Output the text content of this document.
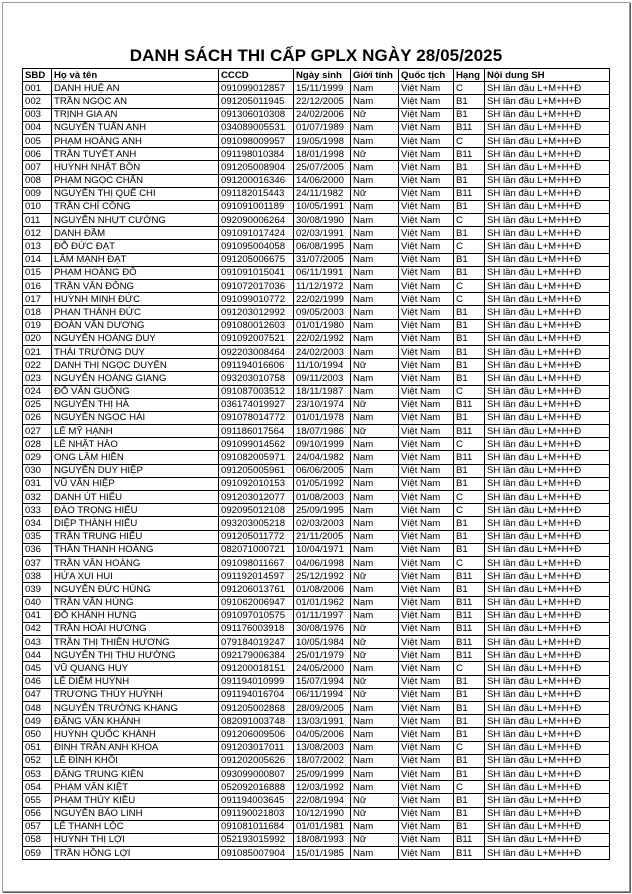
DANH SÁCH THI CẤP GPLX NGÀY 28/05/2025
SBD	Họ và tên	CCCD	Ngày sinh	Giới tính	Quốc tịch	Hạng	Nội dung SH
001	DANH HUỆ AN	091099012857	15/11/1999	Nam	Việt Nam	C	SH lần đầu L+M+H+Đ
002	TRẦN NGỌC AN	091205011945	22/12/2005	Nam	Việt Nam	B1	SH lần đầu L+M+H+Đ
003	TRỊNH GIA AN	091306010308	24/02/2006	Nữ	Việt Nam	B1	SH lần đầu L+M+H+Đ
004	NGUYỄN TUẤN ANH	034089005531	01/07/1989	Nam	Việt Nam	B11	SH lần đầu L+M+H+Đ
005	PHẠM HOÀNG ANH	091098009957	19/05/1998	Nam	Việt Nam	C	SH lần đầu L+M+H+Đ
006	TRẦN TUYẾT ANH	091198010384	18/01/1998	Nữ	Việt Nam	B11	SH lần đầu L+M+H+Đ
007	HUỲNH NHẬT BỒN	091205008904	25/07/2005	Nam	Việt Nam	B1	SH lần đầu L+M+H+Đ
008	PHẠM NGỌC CHẤN	091200016346	14/06/2000	Nam	Việt Nam	B1	SH lần đầu L+M+H+Đ
009	NGUYỄN THỊ QUẾ CHI	091182015443	24/11/1982	Nữ	Việt Nam	B11	SH lần đầu L+M+H+Đ
010	TRẦN CHÍ CÔNG	091091001189	10/05/1991	Nam	Việt Nam	B1	SH lần đầu L+M+H+Đ
011	NGUYỄN NHỰT CƯỜNG	092090006264	30/08/1990	Nam	Việt Nam	C	SH lần đầu L+M+H+Đ
012	DANH ĐẦM	091091017424	02/03/1991	Nam	Việt Nam	B1	SH lần đầu L+M+H+Đ
013	ĐỖ ĐỨC ĐẠT	091095004058	06/08/1995	Nam	Việt Nam	C	SH lần đầu L+M+H+Đ
014	LÂM MẠNH ĐẠT	091205006675	31/07/2005	Nam	Việt Nam	B1	SH lần đầu L+M+H+Đ
015	PHẠM HOÀNG ĐÔ	091091015041	06/11/1991	Nam	Việt Nam	B1	SH lần đầu L+M+H+Đ
016	TRẦN VĂN ĐÔNG	091072017036	11/12/1972	Nam	Việt Nam	C	SH lần đầu L+M+H+Đ
017	HUỲNH MINH ĐỨC	091099010772	22/02/1999	Nam	Việt Nam	C	SH lần đầu L+M+H+Đ
018	PHAN THÀNH ĐỨC	091203012992	09/05/2003	Nam	Việt Nam	B1	SH lần đầu L+M+H+Đ
019	ĐOÀN VĂN DƯƠNG	091080012603	01/01/1980	Nam	Việt Nam	B1	SH lần đầu L+M+H+Đ
020	NGUYỄN HOÀNG DUY	091092007521	22/02/1992	Nam	Việt Nam	B1	SH lần đầu L+M+H+Đ
021	THÁI TRƯỜNG DUY	092203008464	24/02/2003	Nam	Việt Nam	B1	SH lần đầu L+M+H+Đ
022	DANH THỊ NGỌC DUYÊN	091194016606	11/10/1994	Nữ	Việt Nam	B1	SH lần đầu L+M+H+Đ
023	NGUYỄN HOÀNG GIANG	093203010758	09/11/2003	Nam	Việt Nam	B1	SH lần đầu L+M+H+Đ
024	ĐỖ VĂN GUỒNG	091087003512	18/11/1987	Nam	Việt Nam	C	SH lần đầu L+M+H+Đ
025	NGUYỄN THỊ HÀ	036174019927	23/10/1974	Nữ	Việt Nam	B11	SH lần đầu L+M+H+Đ
026	NGUYỄN NGỌC HẢI	091078014772	01/01/1978	Nam	Việt Nam	B1	SH lần đầu L+M+H+Đ
027	LÊ MỸ HẠNH	091186017564	18/07/1986	Nữ	Việt Nam	B11	SH lần đầu L+M+H+Đ
028	LÊ NHẬT HÀO	091099014562	09/10/1999	Nam	Việt Nam	C	SH lần đầu L+M+H+Đ
029	ONG LÂM HIỀN	091082005971	24/04/1982	Nam	Việt Nam	B11	SH lần đầu L+M+H+Đ
030	NGUYỄN DUY HIỆP	091205005961	06/06/2005	Nam	Việt Nam	B1	SH lần đầu L+M+H+Đ
031	VŨ VĂN HIỆP	091092010153	01/05/1992	Nam	Việt Nam	B1	SH lần đầu L+M+H+Đ
032	DANH ÚT HIỂU	091203012077	01/08/2003	Nam	Việt Nam	C	SH lần đầu L+M+H+Đ
033	ĐÀO TRỌNG HIẾU	092095012108	25/09/1995	Nam	Việt Nam	C	SH lần đầu L+M+H+Đ
034	DIỆP THÀNH HIẾU	093203005218	02/03/2003	Nam	Việt Nam	B1	SH lần đầu L+M+H+Đ
035	TRẦN TRUNG HIẾU	091205011772	21/11/2005	Nam	Việt Nam	B1	SH lần đầu L+M+H+Đ
036	THÂN THANH HOÀNG	082071000721	10/04/1971	Nam	Việt Nam	B1	SH lần đầu L+M+H+Đ
037	TRẦN VĂN HOÀNG	091098011667	04/06/1998	Nam	Việt Nam	C	SH lần đầu L+M+H+Đ
038	HỨA XUI HUI	091192014597	25/12/1992	Nữ	Việt Nam	B11	SH lần đầu L+M+H+Đ
039	NGUYỄN ĐỨC HÙNG	091206013761	01/08/2006	Nam	Việt Nam	B1	SH lần đầu L+M+H+Đ
040	TRẦN VĂN HÙNG	091062006947	01/01/1962	Nam	Việt Nam	B11	SH lần đầu L+M+H+Đ
041	ĐỖ KHÁNH HƯNG	091097010575	01/11/1997	Nam	Việt Nam	B11	SH lần đầu L+M+H+Đ
042	TRẦN HOÀI HƯƠNG	091176003918	30/08/1976	Nữ	Việt Nam	B11	SH lần đầu L+M+H+Đ
043	TRẦN THỊ THIÊN HƯƠNG	079184019247	10/05/1984	Nữ	Việt Nam	B11	SH lần đầu L+M+H+Đ
044	NGUYỄN THỊ THU HƯỜNG	092179006384	25/01/1979	Nữ	Việt Nam	B11	SH lần đầu L+M+H+Đ
045	VŨ QUANG HUY	091200018151	24/05/2000	Nam	Việt Nam	C	SH lần đầu L+M+H+Đ
046	LÊ DIỄM HUỲNH	091194010999	15/07/1994	Nữ	Việt Nam	B1	SH lần đầu L+M+H+Đ
047	TRƯƠNG THÚY HUỲNH	091194016704	06/11/1994	Nữ	Việt Nam	B1	SH lần đầu L+M+H+Đ
048	NGUYỄN TRƯỜNG KHANG	091205002868	28/09/2005	Nam	Việt Nam	B1	SH lần đầu L+M+H+Đ
049	ĐẶNG VĂN KHÁNH	082091003748	13/03/1991	Nam	Việt Nam	B1	SH lần đầu L+M+H+Đ
050	HUỲNH QUỐC KHÁNH	091206009506	04/05/2006	Nam	Việt Nam	B1	SH lần đầu L+M+H+Đ
051	ĐINH TRẦN ANH KHOA	091203017011	13/08/2003	Nam	Việt Nam	C	SH lần đầu L+M+H+Đ
052	LÊ ĐÌNH KHÔI	091202005626	18/07/2002	Nam	Việt Nam	B1	SH lần đầu L+M+H+Đ
053	ĐẶNG TRUNG KIÊN	093099000807	25/09/1999	Nam	Việt Nam	B1	SH lần đầu L+M+H+Đ
054	PHẠM VĂN KIỆT	052092016888	12/03/1992	Nam	Việt Nam	C	SH lần đầu L+M+H+Đ
055	PHẠM THÚY KIỀU	091194003645	22/08/1994	Nữ	Việt Nam	B1	SH lần đầu L+M+H+Đ
056	NGUYỄN BẢO LINH	091190021803	10/12/1990	Nữ	Việt Nam	B1	SH lần đầu L+M+H+Đ
057	LÊ THANH LỘC	091081011684	01/01/1981	Nam	Việt Nam	B1	SH lần đầu L+M+H+Đ
058	HUỲNH THỊ LỢI	052193015992	18/08/1993	Nữ	Việt Nam	B11	SH lần đầu L+M+H+Đ
059	TRẦN HỒNG LỢI	091085007904	15/01/1985	Nam	Việt Nam	B11	SH lần đầu L+M+H+Đ
